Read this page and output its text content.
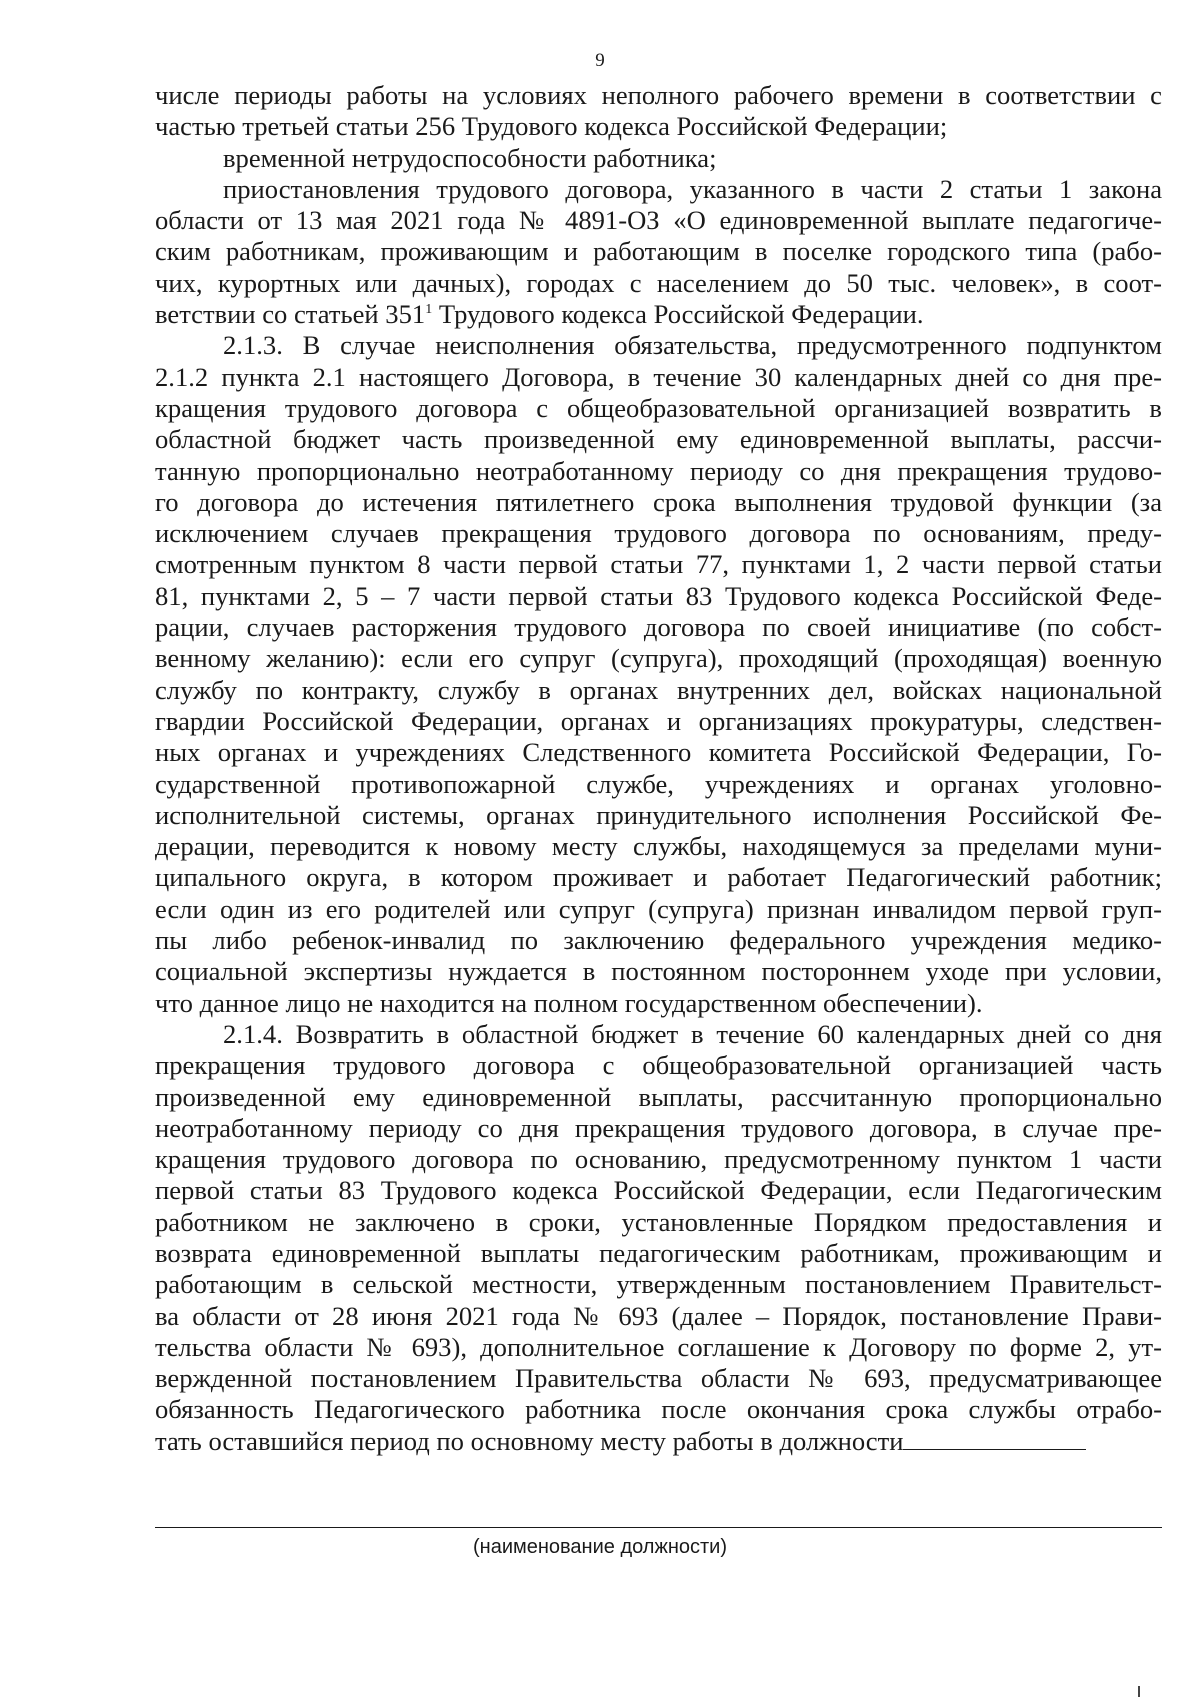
9
числе периоды работы на условиях неполного рабочего времени в соответствии с
частью третьей статьи 256 Трудового кодекса Российской Федерации;
временной нетрудоспособности работника;
приостановления трудового договора, указанного в части 2 статьи 1 закона
области от 13 мая 2021 года № 4891-ОЗ «О единовременной выплате педагогиче-
ским работникам, проживающим и работающим в поселке городского типа (рабо-
чих, курортных или дачных), городах с населением до 50 тыс. человек», в соот-
ветствии со статьей $351^1$ Трудового кодекса Российской Федерации.
2.1.3. В случае неисполнения обязательства, предусмотренного подпунктом
2.1.2 пункта 2.1 настоящего Договора, в течение 30 календарных дней со дня пре-
кращения трудового договора с общеобразовательной организацией возвратить в
областной бюджет часть произведенной ему единовременной выплаты, рассчи-
танную пропорционально неотработанному периоду со дня прекращения трудово-
го договора до истечения пятилетнего срока выполнения трудовой функции (за
исключением случаев прекращения трудового договора по основаниям, преду-
смотренным пунктом 8 части первой статьи 77, пунктами 1, 2 части первой статьи
81, пунктами 2, 5 – 7 части первой статьи 83 Трудового кодекса Российской Феде-
рации, случаев расторжения трудового договора по своей инициативе (по собст-
венному желанию): если его супруг (супруга), проходящий (проходящая) военную
службу по контракту, службу в органах внутренних дел, войсках национальной
гвардии Российской Федерации, органах и организациях прокуратуры, следствен-
ных органах и учреждениях Следственного комитета Российской Федерации, Го-
сударственной противопожарной службе, учреждениях и органах уголовно-
исполнительной системы, органах принудительного исполнения Российской Фе-
дерации, переводится к новому месту службы, находящемуся за пределами муни-
ципального округа, в котором проживает и работает Педагогический работник;
если один из его родителей или супруг (супруга) признан инвалидом первой груп-
пы либо ребенок-инвалид по заключению федерального учреждения медико-
социальной экспертизы нуждается в постоянном постороннем уходе при условии,
что данное лицо не находится на полном государственном обеспечении).
2.1.4. Возвратить в областной бюджет в течение 60 календарных дней со дня
прекращения трудового договора с общеобразовательной организацией часть
произведенной ему единовременной выплаты, рассчитанную пропорционально
неотработанному периоду со дня прекращения трудового договора, в случае пре-
кращения трудового договора по основанию, предусмотренному пунктом 1 части
первой статьи 83 Трудового кодекса Российской Федерации, если Педагогическим
работником не заключено в сроки, установленные Порядком предоставления и
возврата единовременной выплаты педагогическим работникам, проживающим и
работающим в сельской местности, утвержденным постановлением Правительст-
ва области от 28 июня 2021 года № 693 (далее – Порядок, постановление Прави-
тельства области № 693), дополнительное соглашение к Договору по форме 2, ут-
вержденной постановлением Правительства области № 693, предусматривающее
обязанность Педагогического работника после окончания срока службы отрабо-
тать оставшийся период по основному месту работы в должности
(наименование должности)
